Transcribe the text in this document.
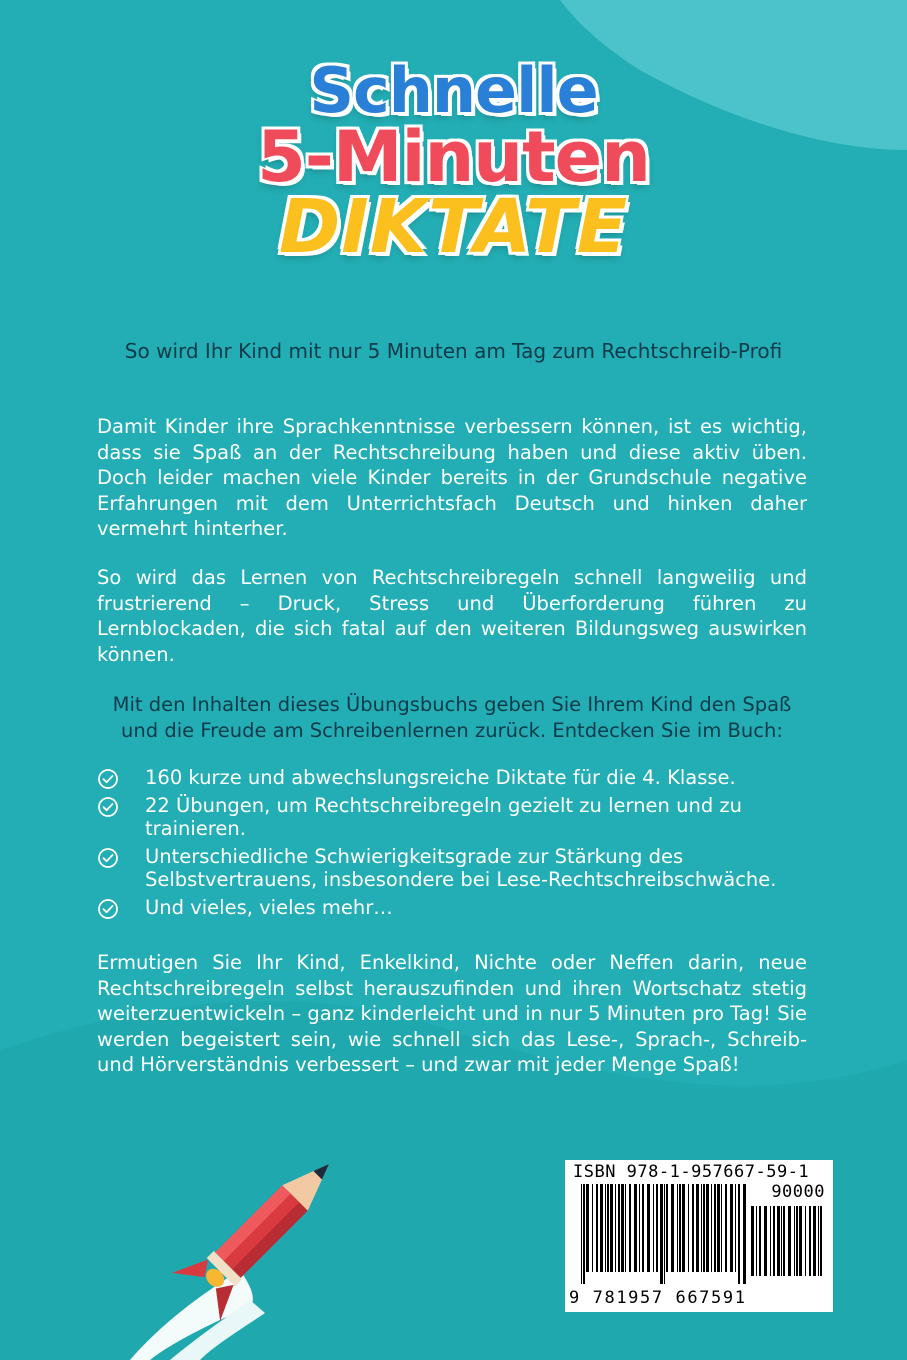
Schnelle
5-Minuten
DIKTATE
So wird Ihr Kind mit nur 5 Minuten am Tag zum Rechtschreib-Profi
Damit Kinder ihre Sprachkenntnisse verbessern können, ist es wichtig, dass sie Spaß an der Rechtschreibung haben und diese aktiv üben. Doch leider machen viele Kinder bereits in der Grundschule negative Erfahrungen mit dem Unterrichtsfach Deutsch und hinken daher vermehrt hinterher.
So wird das Lernen von Rechtschreibregeln schnell langweilig und frustrierend – Druck, Stress und Überforderung führen zu Lernblockaden, die sich fatal auf den weiteren Bildungsweg auswirken können.
Mit den Inhalten dieses Übungsbuchs geben Sie Ihrem Kind den Spaß und die Freude am Schreibenlernen zurück. Entdecken Sie im Buch:
160 kurze und abwechslungsreiche Diktate für die 4. Klasse.
22 Übungen, um Rechtschreibregeln gezielt zu lernen und zu trainieren.
Unterschiedliche Schwierigkeitsgrade zur Stärkung des Selbstvertrauens, insbesondere bei Lese-Rechtschreibschwäche.
Und vieles, vieles mehr…
Ermutigen Sie Ihr Kind, Enkelkind, Nichte oder Neffen darin, neue Rechtschreibregeln selbst herauszufinden und ihren Wortschatz stetig weiterzuentwickeln – ganz kinderleicht und in nur 5 Minuten pro Tag! Sie werden begeistert sein, wie schnell sich das Lese-, Sprach-, Schreib- und Hörverständnis verbessert – und zwar mit jeder Menge Spaß!
ISBN 978-1-957667-59-1
90000
9 781957 667591
